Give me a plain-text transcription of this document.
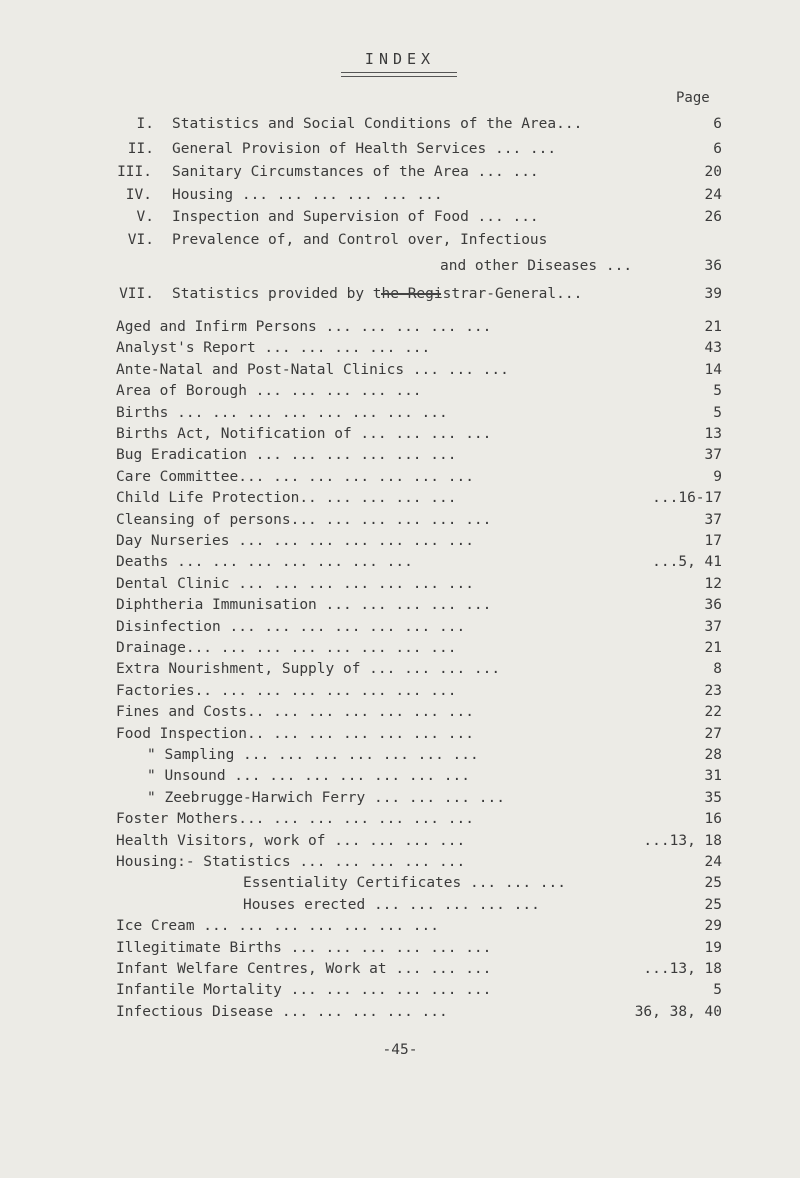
INDEX
Page
I. Statistics and Social Conditions of the Area...	6
II. General Provision of Health Services ... ...	6
III. Sanitary Circumstances of the Area ... ...	20
IV. Housing ... ... ... ... ... ...	24
V. Inspection and Supervision of Food ... ...	26
VI. Prevalence of, and Control over, Infectious
and other Diseases ...	36
VII. Statistics provided by the Registrar-General...	39
Aged and Infirm Persons ... ... ... ... ...	21
Analyst's Report ... ... ... ... ...	43
Ante-Natal and Post-Natal Clinics ... ... ...	14
Area of Borough ... ... ... ... ...	5
Births ... ... ... ... ... ... ... ...	5
Births Act, Notification of ... ... ... ...	13
Bug Eradication ... ... ... ... ... ...	37
Care Committee... ... ... ... ... ... ...	9
Child Life Protection.. ... ... ... ...	...16-17
Cleansing of persons... ... ... ... ... ...	37
Day Nurseries ... ... ... ... ... ... ...	17
Deaths ... ... ... ... ... ... ...	...5, 41
Dental Clinic ... ... ... ... ... ... ...	12
Diphtheria Immunisation ... ... ... ... ...	36
Disinfection ... ... ... ... ... ... ...	37
Drainage... ... ... ... ... ... ... ...	21
Extra Nourishment, Supply of ... ... ... ...	8
Factories.. ... ... ... ... ... ... ...	23
Fines and Costs.. ... ... ... ... ... ...	22
Food Inspection.. ... ... ... ... ... ...	27
" Sampling ... ... ... ... ... ... ...	28
" Unsound ... ... ... ... ... ... ...	31
" Zeebrugge-Harwich Ferry ... ... ... ...	35
Foster Mothers... ... ... ... ... ... ...	16
Health Visitors, work of ... ... ... ...	...13, 18
Housing:- Statistics ... ... ... ... ...	24
Essentiality Certificates ... ... ...	25
Houses erected ... ... ... ... ...	25
Ice Cream ... ... ... ... ... ... ...	29
Illegitimate Births ... ... ... ... ... ...	19
Infant Welfare Centres, Work at ... ... ...	...13, 18
Infantile Mortality ... ... ... ... ... ...	5
Infectious Disease ... ... ... ... ...	36, 38, 40
-45-
